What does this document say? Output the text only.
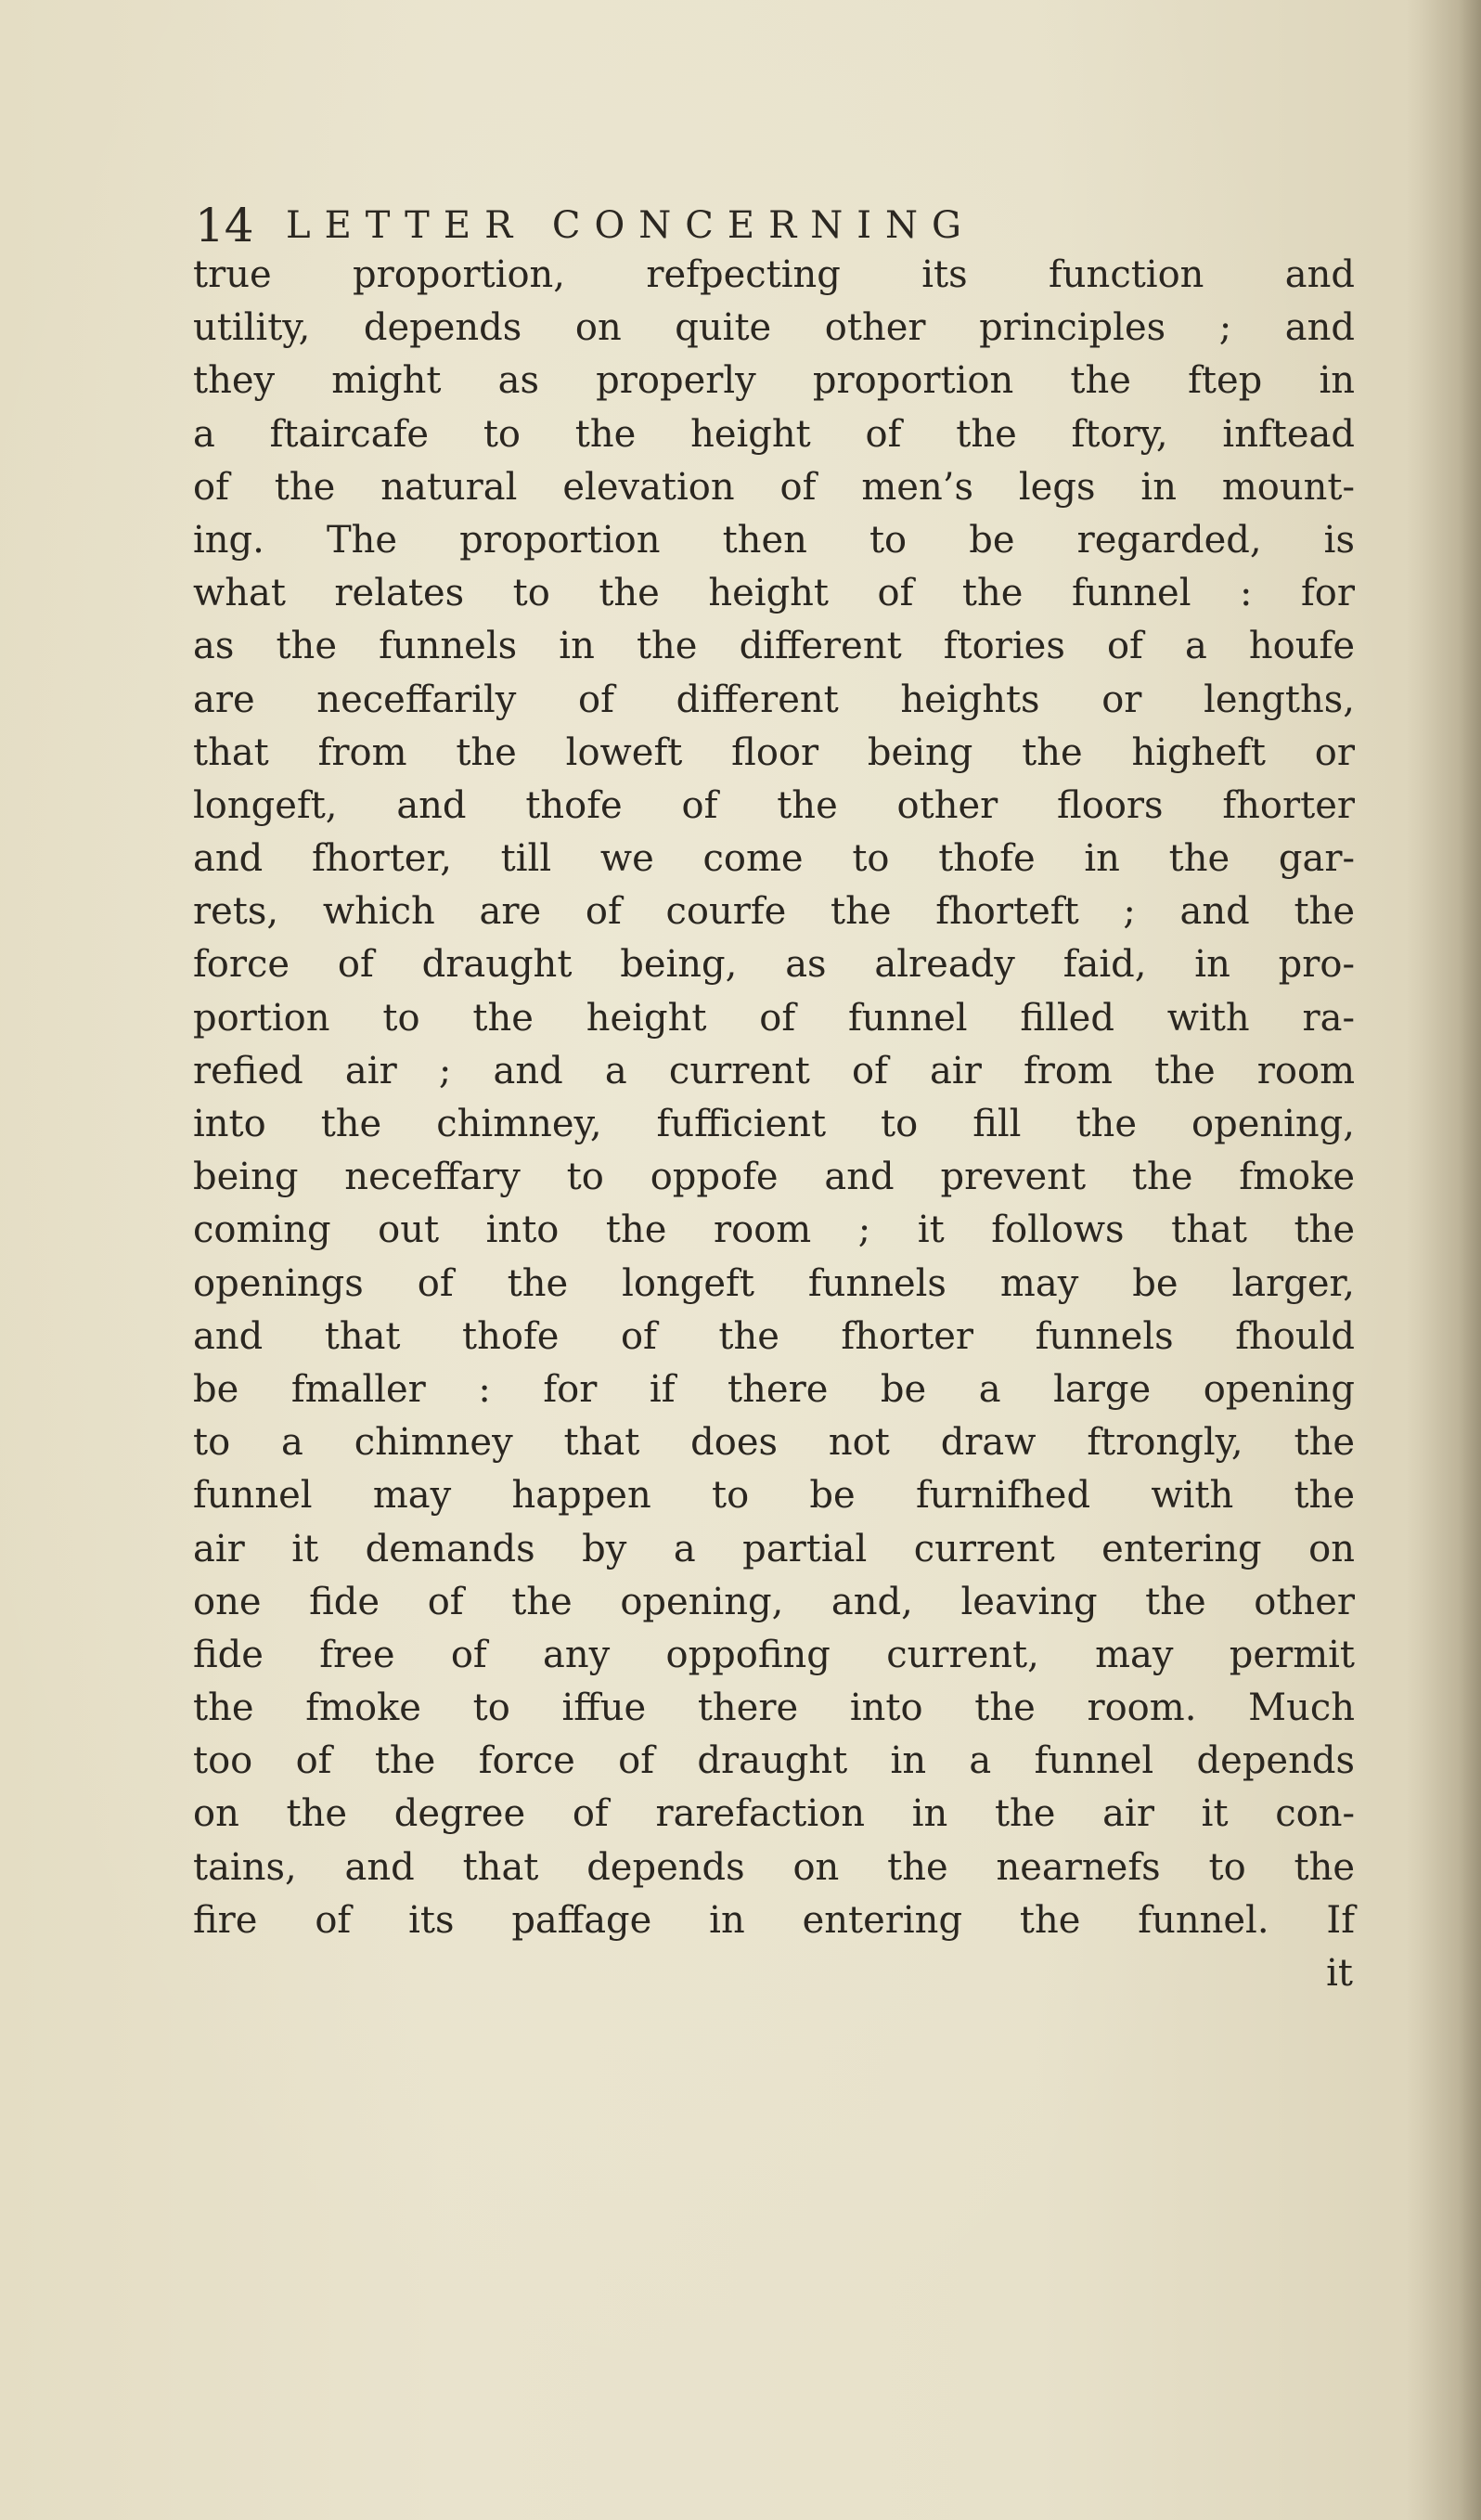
14 LETTER CONCERNING
true proportion, refpecting its function and
utility, depends on quite other principles ; and
they might as properly proportion the ftep in
a ftaircafe to the height of the ftory, inftead
of the natural elevation of men’s legs in mount-
ing. The proportion then to be regarded, is
what relates to the height of the funnel : for
as the funnels in the different ftories of a houfe
are neceffarily of different heights or lengths,
that from the loweft floor being the higheft or
longeft, and thofe of the other floors fhorter
and fhorter, till we come to thofe in the gar-
rets, which are of courfe the fhorteft ; and the
force of draught being, as already faid, in pro-
portion to the height of funnel filled with ra-
refied air ; and a current of air from the room
into the chimney, fufficient to fill the opening,
being neceffary to oppofe and prevent the fmoke
coming out into the room ; it follows that the
openings of the longeft funnels may be larger,
and that thofe of the fhorter funnels fhould
be fmaller : for if there be a large opening
to a chimney that does not draw ftrongly, the
funnel may happen to be furnifhed with the
air it demands by a partial current entering on
one fide of the opening, and, leaving the other
fide free of any oppofing current, may permit
the fmoke to iffue there into the room. Much
too of the force of draught in a funnel depends
on the degree of rarefaction in the air it con-
tains, and that depends on the nearnefs to the
fire of its paffage in entering the funnel. If
it
